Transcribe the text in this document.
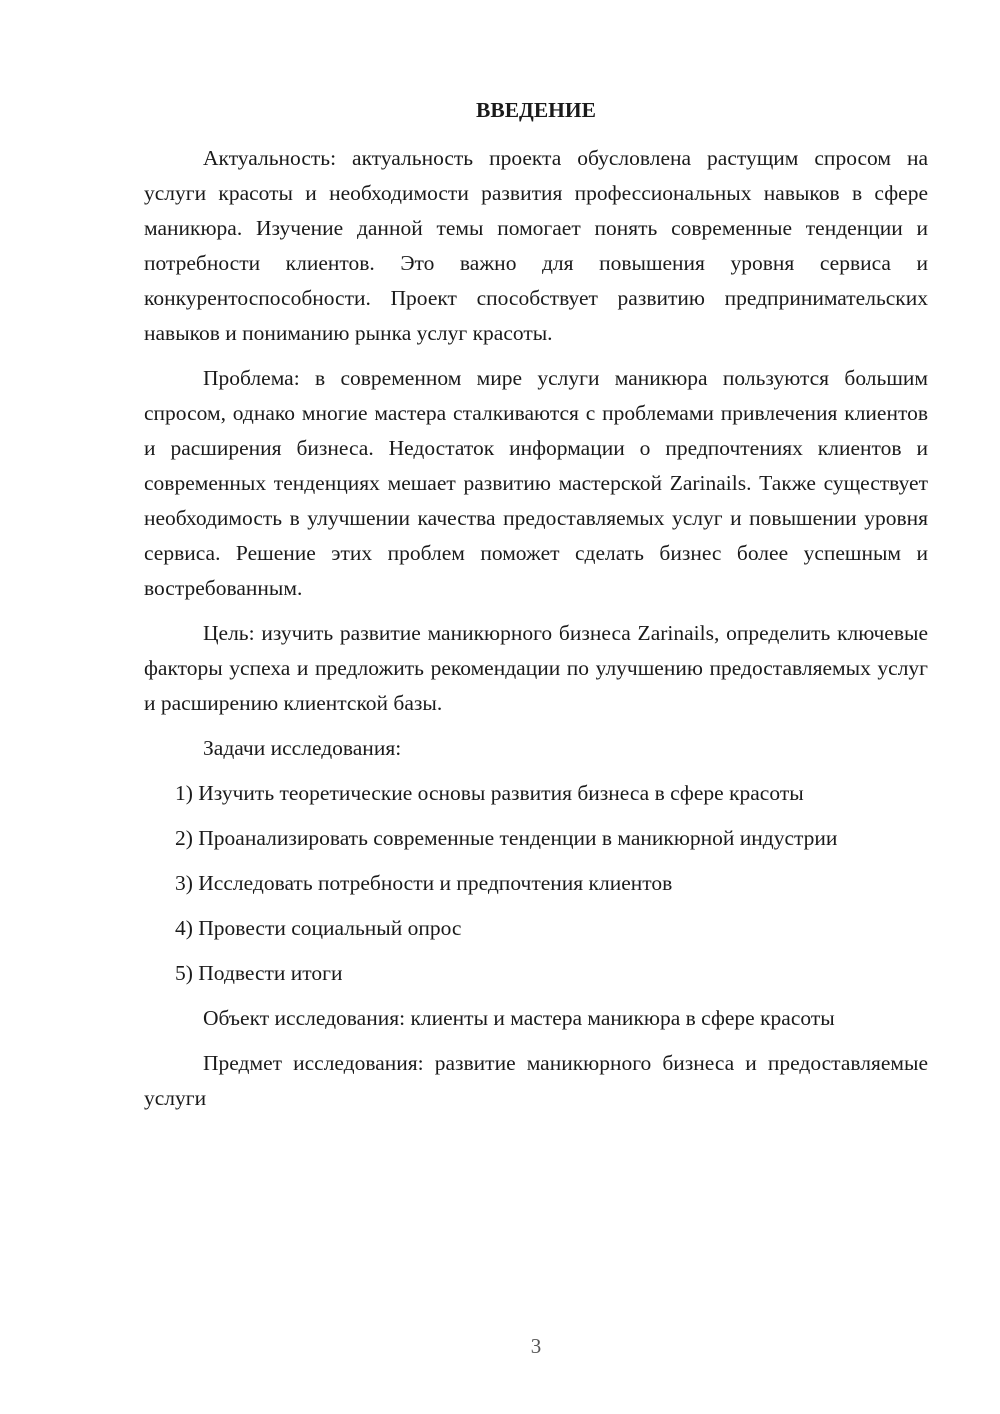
ВВЕДЕНИЕ

Актуальность: актуальность проекта обусловлена растущим спросом на услуги красоты и необходимости развития профессиональных навыков в сфере маникюра. Изучение данной темы помогает понять современные тенденции и потребности клиентов. Это важно для повышения уровня сервиса и конкурентоспособности. Проект способствует развитию предпринимательских навыков и пониманию рынка услуг красоты.

Проблема: в современном мире услуги маникюра пользуются большим спросом, однако многие мастера сталкиваются с проблемами привлечения клиентов и расширения бизнеса. Недостаток информации о предпочтениях клиентов и современных тенденциях мешает развитию мастерской Zarinails. Также существует необходимость в улучшении качества предоставляемых услуг и повышении уровня сервиса. Решение этих проблем поможет сделать бизнес более успешным и востребованным.

Цель: изучить развитие маникюрного бизнеса Zarinails, определить ключевые факторы успеха и предложить рекомендации по улучшению предоставляемых услуг и расширению клиентской базы.

Задачи исследования:

1) Изучить теоретические основы развития бизнеса в сфере красоты

2) Проанализировать современные тенденции в маникюрной индустрии

3) Исследовать потребности и предпочтения клиентов

4) Провести социальный опрос

5) Подвести итоги

Объект исследования: клиенты и мастера маникюра в сфере красоты

Предмет исследования: развитие маникюрного бизнеса и предоставляемые услуги

3
